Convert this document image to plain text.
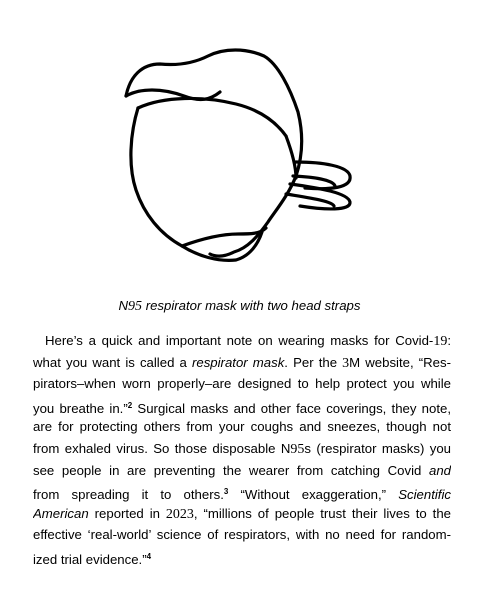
N95 respirator mask with two head straps
Here’s a quick and important note on wearing masks for Covid-19:
what you want is called a respirator mask. Per the 3M website, “Res-
pirators–when worn properly–are designed to help protect you while
you breathe in.”$^2$ Surgical masks and other face coverings, they note,
are for protecting others from your coughs and sneezes, though not
from exhaled virus. So those disposable N95s (respirator masks) you
see people in are preventing the wearer from catching Covid and
from spreading it to others.$^3$ “Without exaggeration,” Scientific
American reported in 2023, “millions of people trust their lives to the
effective ‘real-world’ science of respirators, with no need for random-
ized trial evidence.”$^4$
